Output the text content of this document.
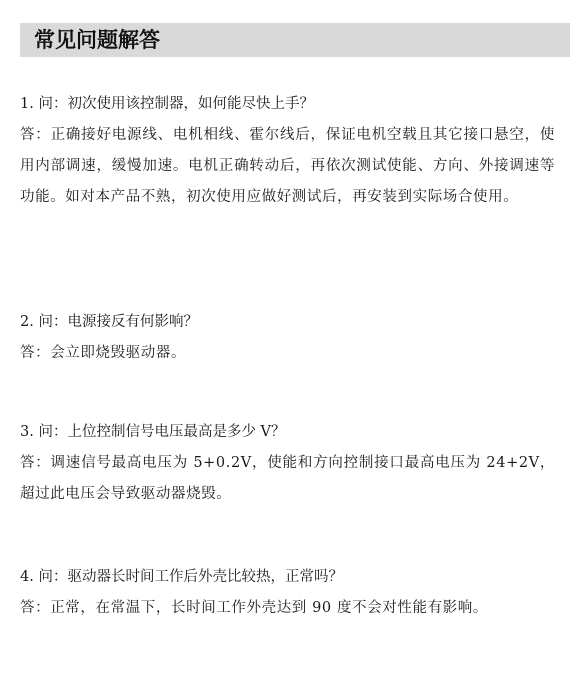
常见问题解答

1. 问：初次使用该控制器，如何能尽快上手？

答：正确接好电源线、电机相线、霍尔线后，保证电机空载且其它接口悬空，使用内部调速，缓慢加速。电机正确转动后，再依次测试使能、方向、外接调速等功能。如对本产品不熟，初次使用应做好测试后，再安装到实际场合使用。

2. 问：电源接反有何影响？

答：会立即烧毁驱动器。

3. 问：上位控制信号电压最高是多少 V？

答：调速信号最高电压为 5+0.2V，使能和方向控制接口最高电压为 24+2V，超过此电压会导致驱动器烧毁。

4. 问：驱动器长时间工作后外壳比较热，正常吗？

答：正常，在常温下，长时间工作外壳达到 90 度不会对性能有影响。
